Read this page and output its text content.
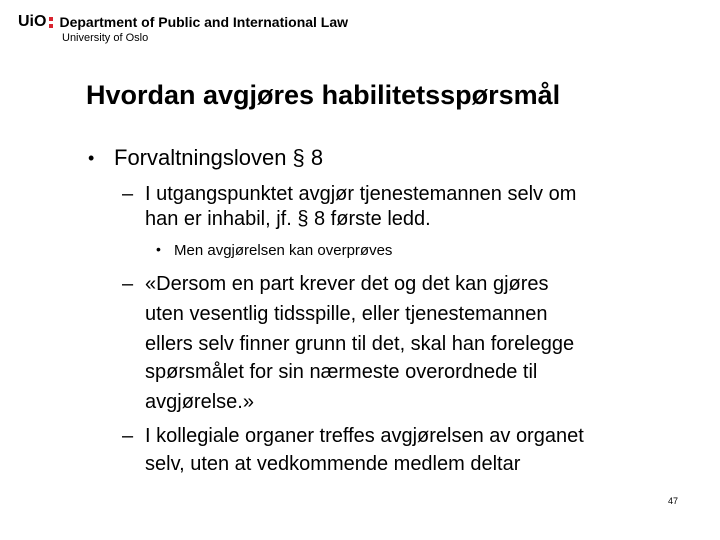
UiO Department of Public and International Law
University of Oslo
Hvordan avgjøres habilitetsspørsmål
• Forvaltningsloven § 8
– I utgangspunktet avgjør tjenestemannen selv om
han er inhabil, jf. § 8 første ledd.
• Men avgjørelsen kan overprøves
– «Dersom en part krever det og det kan gjøres
uten vesentlig tidsspille, eller tjenestemannen
ellers selv finner grunn til det, skal han forelegge
spørsmålet for sin nærmeste overordnede til
avgjørelse.»
– I kollegiale organer treffes avgjørelsen av organet
selv, uten at vedkommende medlem deltar
47
